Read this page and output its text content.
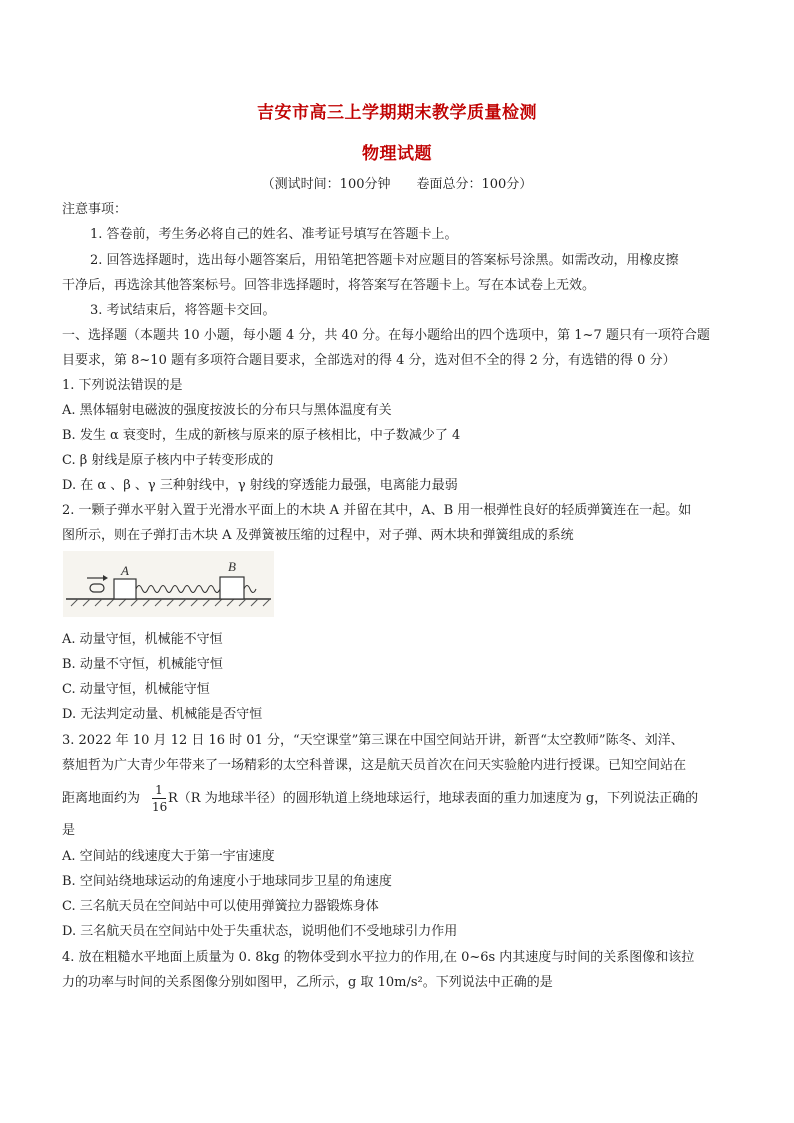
吉安市高三上学期期末教学质量检测
物理试题
（测试时间：100分钟　　卷面总分：100分）
注意事项：
1. 答卷前，考生务必将自己的姓名、准考证号填写在答题卡上。
2. 回答选择题时，选出每小题答案后，用铅笔把答题卡对应题目的答案标号涂黑。如需改动，用橡皮擦
干净后，再选涂其他答案标号。回答非选择题时，将答案写在答题卡上。写在本试卷上无效。
3. 考试结束后，将答题卡交回。
一、选择题（本题共 10 小题，每小题 4 分，共 40 分。在每小题给出的四个选项中，第 1~7 题只有一项符合题
目要求，第 8~10 题有多项符合题目要求，全部选对的得 4 分，选对但不全的得 2 分，有选错的得 0 分）
1. 下列说法错误的是
A. 黑体辐射电磁波的强度按波长的分布只与黑体温度有关
B. 发生 α 衰变时，生成的新核与原来的原子核相比，中子数减少了 4
C. β 射线是原子核内中子转变形成的
D. 在 α 、β 、γ 三种射线中，γ 射线的穿透能力最强，电离能力最弱
2. 一颗子弹水平射入置于光滑水平面上的木块 A 并留在其中，A、B 用一根弹性良好的轻质弹簧连在一起。如
图所示，则在子弹打击木块 A 及弹簧被压缩的过程中，对子弹、两木块和弹簧组成的系统
A	B
A. 动量守恒，机械能不守恒
B. 动量不守恒，机械能守恒
C. 动量守恒，机械能守恒
D. 无法判定动量、机械能是否守恒
3. 2022 年 10 月 12 日 16 时 01 分，“天空课堂”第三课在中国空间站开讲，新晋“太空教师”陈冬、刘洋、
蔡旭哲为广大青少年带来了一场精彩的太空科普课，这是航天员首次在问天实验舱内进行授课。已知空间站在
距离地面约为
1
16
R（R 为地球半径）的圆形轨道上绕地球运行，地球表面的重力加速度为 g，下列说法正确的
是
A. 空间站的线速度大于第一宇宙速度
B. 空间站绕地球运动的角速度小于地球同步卫星的角速度
C. 三名航天员在空间站中可以使用弹簧拉力器锻炼身体
D. 三名航天员在空间站中处于失重状态，说明他们不受地球引力作用
4. 放在粗糙水平地面上质量为 0. 8kg 的物体受到水平拉力的作用,在 0~6s 内其速度与时间的关系图像和该拉
力的功率与时间的关系图像分别如图甲，乙所示，g 取 10m/s²。下列说法中正确的是
